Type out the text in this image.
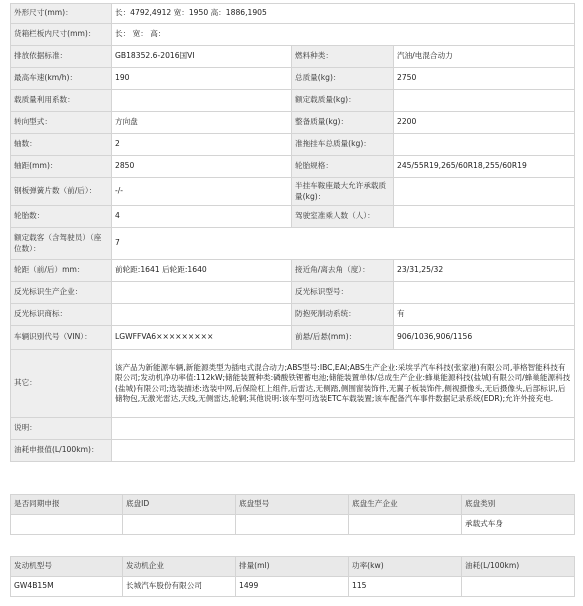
外形尺寸(mm)：	长：4792,4912 宽：1950 高：1886,1905		
货箱栏板内尺寸(mm)：	长： 宽： 高：		
排放依据标准：	GB18352.6-2016国VI	燃料种类：	汽油/电混合动力
最高车速(km/h)：	190	总质量(kg)：	2750
载质量利用系数：		额定载质量(kg)：	
转向型式：	方向盘	整备质量(kg)：	2200
轴数：	2	准拖挂车总质量(kg)：	
轴距(mm)：	2850	轮胎规格：	245/55R19,265/60R18,255/60R19
钢板弹簧片数（前/后）：	-/-	半挂车鞍座最大允许承载质量(kg)：	
轮胎数：	4	驾驶室准乘人数（人）：	
额定载客（含驾驶员）（座位数）：	7		
轮距（前/后）mm：	前轮距:1641 后轮距:1640	接近角/离去角（度）：	23/31,25/32
反光标识生产企业：		反光标识型号：	
反光标识商标：		防抱死制动系统：	有
车辆识别代号（VIN）：	LGWFFVA6×××××××××	前悬/后悬(mm)：	906/1036,906/1156
其它：	该产品为新能源车辆,新能源类型为插电式混合动力;ABS型号:IBC,EAI;ABS生产企业:采埃孚汽车科技(张家港)有限公司,菲格智能科技有限公司;发动机净功率值:112kW;储能装置种类:磷酸铁锂蓄电池;储能装置单体/总成生产企业:蜂巢能源科技(盐城)有限公司/蜂巢能源科技(盐城)有限公司;选装描述:选装中网,后保险杠上组件,后雷达,无侧踏,侧围窗装饰件,无翼子板装饰件,侧视摄像头,无后摄像头,后部标识,后储物包,无激光雷达,天线,无侧雷达,轮辋;其他说明:该车型可选装ETC车载装置;该车配备汽车事件数据记录系统(EDR);允许外接充电.		
说明：			
油耗申报值(L/100km)：			
是否同期申报	底盘ID	底盘型号	底盘生产企业	底盘类别
				承载式车身
发动机型号	发动机企业	排量(ml)	功率(kw)	油耗(L/100km)
GW4B15M	长城汽车股份有限公司	1499	115	
